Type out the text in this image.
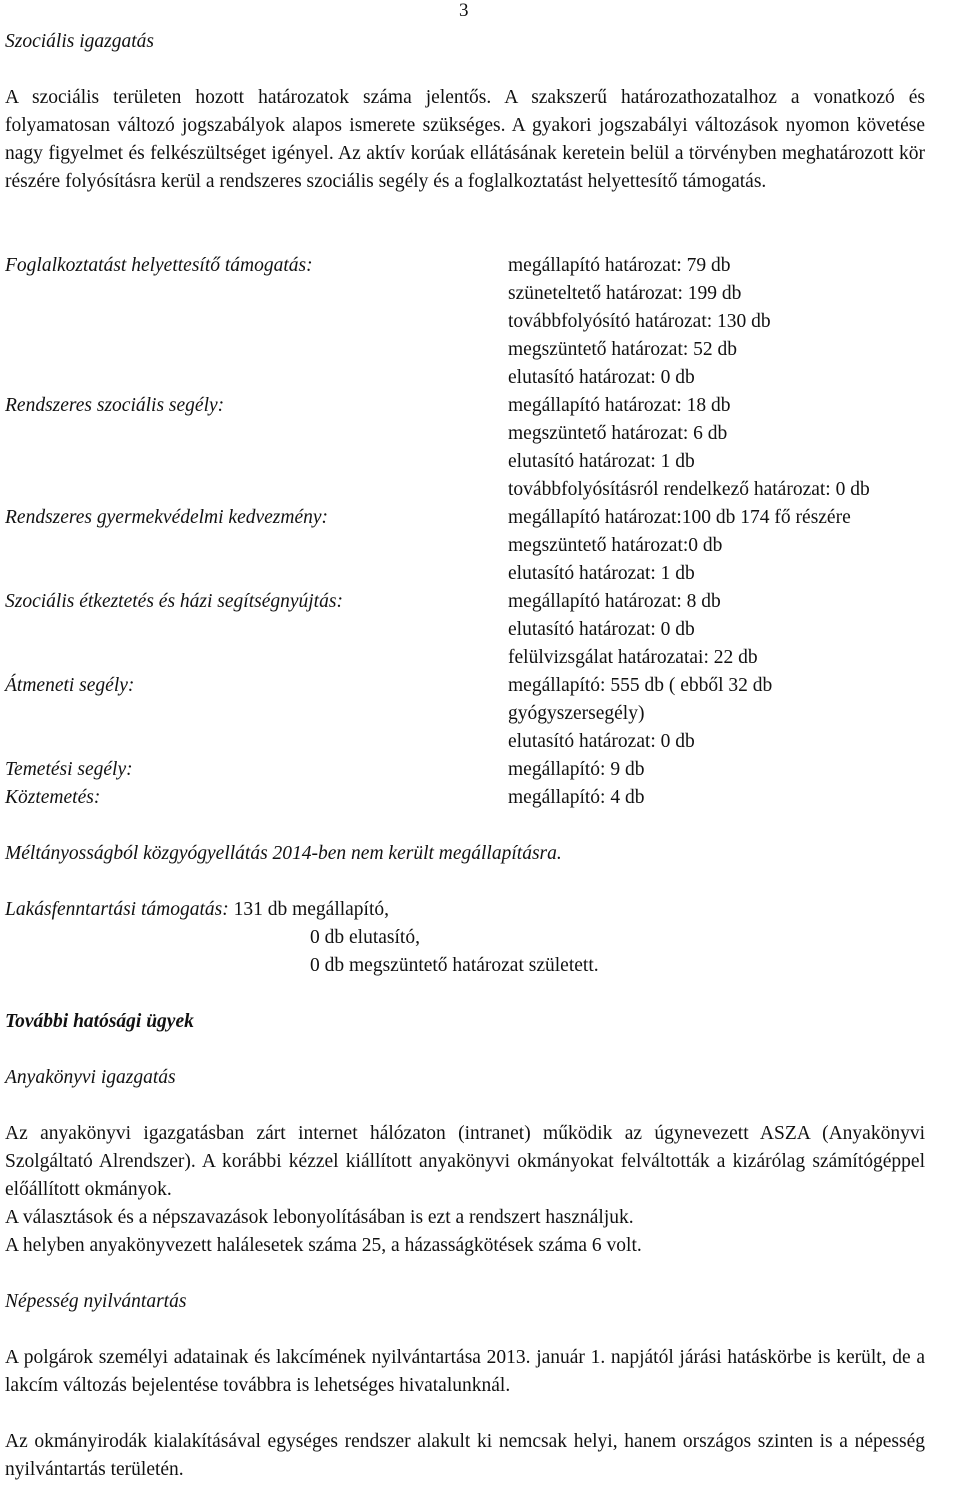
3
Szociális igazgatás
A szociális területen hozott határozatok száma jelentős. A szakszerű határozathozatalhoz a vonatkozó és folyamatosan változó jogszabályok alapos ismerete szükséges. A gyakori jogszabályi változások nyomon követése nagy figyelmet és felkészültséget igényel. Az aktív korúak ellátásának keretein belül a törvényben meghatározott kör részére folyósításra kerül a rendszeres szociális segély és a foglalkoztatást helyettesítő támogatás.
Foglalkoztatást helyettesítő támogatás:	megállapító határozat: 79 db
szüneteltető határozat: 199 db
továbbfolyósító határozat: 130 db
megszüntető határozat: 52 db
elutasító határozat: 0 db
Rendszeres szociális segély:	megállapító határozat: 18 db
megszüntető határozat: 6 db
elutasító határozat: 1 db
továbbfolyósításról rendelkező határozat: 0 db
Rendszeres gyermekvédelmi kedvezmény:	megállapító határozat:100 db 174 fő részére
megszüntető határozat:0 db
elutasító határozat: 1 db
Szociális étkeztetés és házi segítségnyújtás:	megállapító határozat: 8 db
elutasító határozat: 0 db
felülvizsgálat határozatai: 22 db
Átmeneti segély:	megállapító: 555 db ( ebből 32 db
gyógyszersegély)
elutasító határozat: 0 db
Temetési segély:	megállapító: 9 db
Köztemetés:	megállapító: 4 db
Méltányosságból közgyógyellátás 2014-ben nem került megállapításra.
Lakásfenntartási támogatás: 131 db megállapító,
0 db elutasító,
0 db megszüntető határozat született.
További hatósági ügyek
Anyakönyvi igazgatás
Az anyakönyvi igazgatásban zárt internet hálózaton (intranet) működik az úgynevezett ASZA (Anyakönyvi Szolgáltató Alrendszer). A korábbi kézzel kiállított anyakönyvi okmányokat felváltották a kizárólag számítógéppel előállított okmányok.
A választások és a népszavazások lebonyolításában is ezt a rendszert használjuk.
A helyben anyakönyvezett halálesetek száma 25, a házasságkötések száma 6 volt.
Népesség nyilvántartás
A polgárok személyi adatainak és lakcímének nyilvántartása 2013. január 1. napjától járási hatáskörbe is került, de a lakcím változás bejelentése továbbra is lehetséges hivatalunknál.
Az okmányirodák kialakításával egységes rendszer alakult ki nemcsak helyi, hanem országos szinten is a népesség nyilvántartás területén.
